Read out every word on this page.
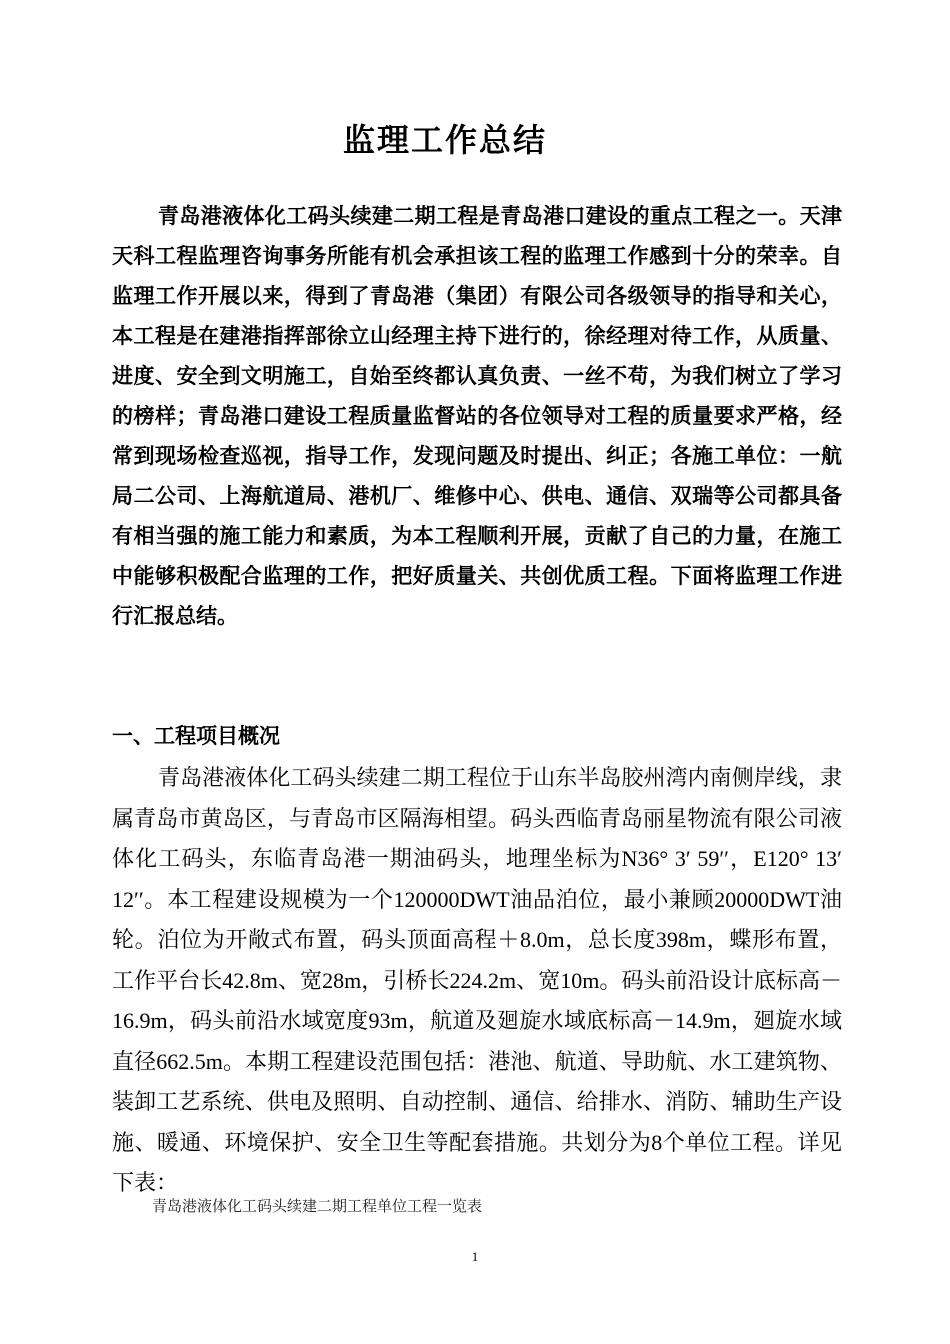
监理工作总结

青岛港液体化工码头续建二期工程是青岛港口建设的重点工程之一。天津天科工程监理咨询事务所能有机会承担该工程的监理工作感到十分的荣幸。自监理工作开展以来，得到了青岛港（集团）有限公司各级领导的指导和关心，本工程是在建港指挥部徐立山经理主持下进行的，徐经理对待工作，从质量、进度、安全到文明施工，自始至终都认真负责、一丝不苟，为我们树立了学习的榜样；青岛港口建设工程质量监督站的各位领导对工程的质量要求严格，经常到现场检查巡视，指导工作，发现问题及时提出、纠正；各施工单位：一航局二公司、上海航道局、港机厂、维修中心、供电、通信、双瑞等公司都具备有相当强的施工能力和素质，为本工程顺利开展，贡献了自己的力量，在施工中能够积极配合监理的工作，把好质量关、共创优质工程。下面将监理工作进行汇报总结。

一、工程项目概况

青岛港液体化工码头续建二期工程位于山东半岛胶州湾内南侧岸线，隶属青岛市黄岛区，与青岛市区隔海相望。码头西临青岛丽星物流有限公司液体化工码头，东临青岛港一期油码头，地理坐标为N36° 3′ 59′′，E120° 13′ 12′′。本工程建设规模为一个120000DWT油品泊位，最小兼顾20000DWT油轮。泊位为开敞式布置，码头顶面高程＋8.0m，总长度398m，蝶形布置，工作平台长42.8m、宽28m，引桥长224.2m、宽10m。码头前沿设计底标高－16.9m，码头前沿水域宽度93m，航道及廻旋水域底标高－14.9m，廻旋水域直径662.5m。本期工程建设范围包括：港池、航道、导助航、水工建筑物、装卸工艺系统、供电及照明、自动控制、通信、给排水、消防、辅助生产设施、暖通、环境保护、安全卫生等配套措施。共划分为8个单位工程。详见下表：

青岛港液体化工码头续建二期工程单位工程一览表
1
